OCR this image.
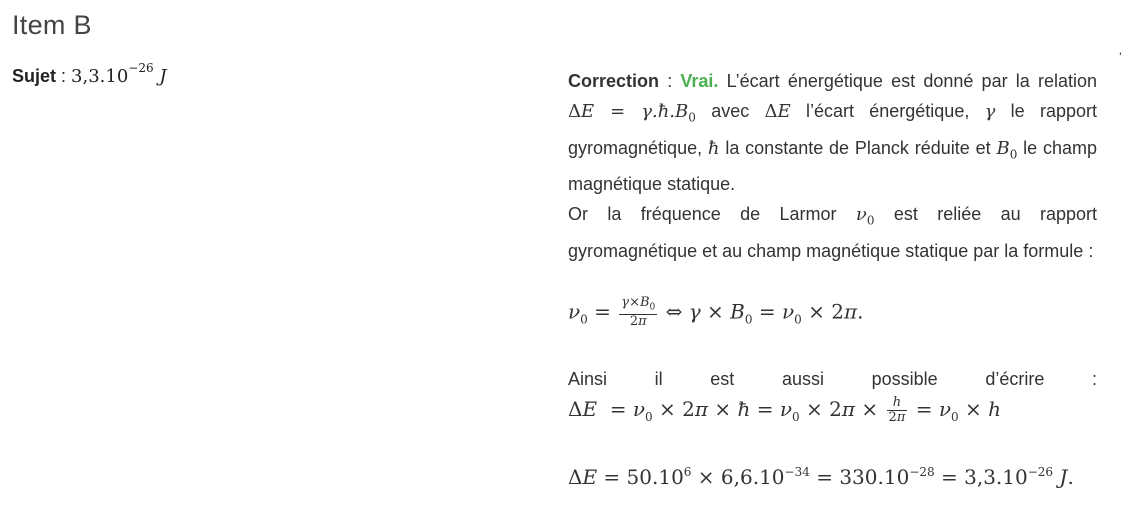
Item B
Sujet : $3,3.10^{-26}$ J
’
Correction : Vrai. L’écart énergétique est donné par la relation $\Delta E = \gamma.ħ.B_0$ avec ΔE l’écart énergétique, γ le rapport gyromagnétique, ħ la constante de Planck réduite et $B_0$ le champ magnétique statique.
Or la fréquence de Larmor $\nu_0$ est reliée au rapport gyromagnétique et au champ magnétique statique par la formule :
$\nu_0 = \frac{\gamma\times B_0}{2\pi}$ ⇔ $\gamma \times B_0 = \nu_0 \times 2\pi$.
Ainsi	il	est	aussi	possible	d’écrire	:
$\Delta E = \nu_0 \times 2\pi$ × ħ = $\nu_0 \times 2\pi \times \frac{h}{2\pi} = \nu_0 \times h$
$\Delta E = 50.10^6 \times 6,6.10^{-34} = 330.10^{-28} = 3,3.10^{-26}$ J.
